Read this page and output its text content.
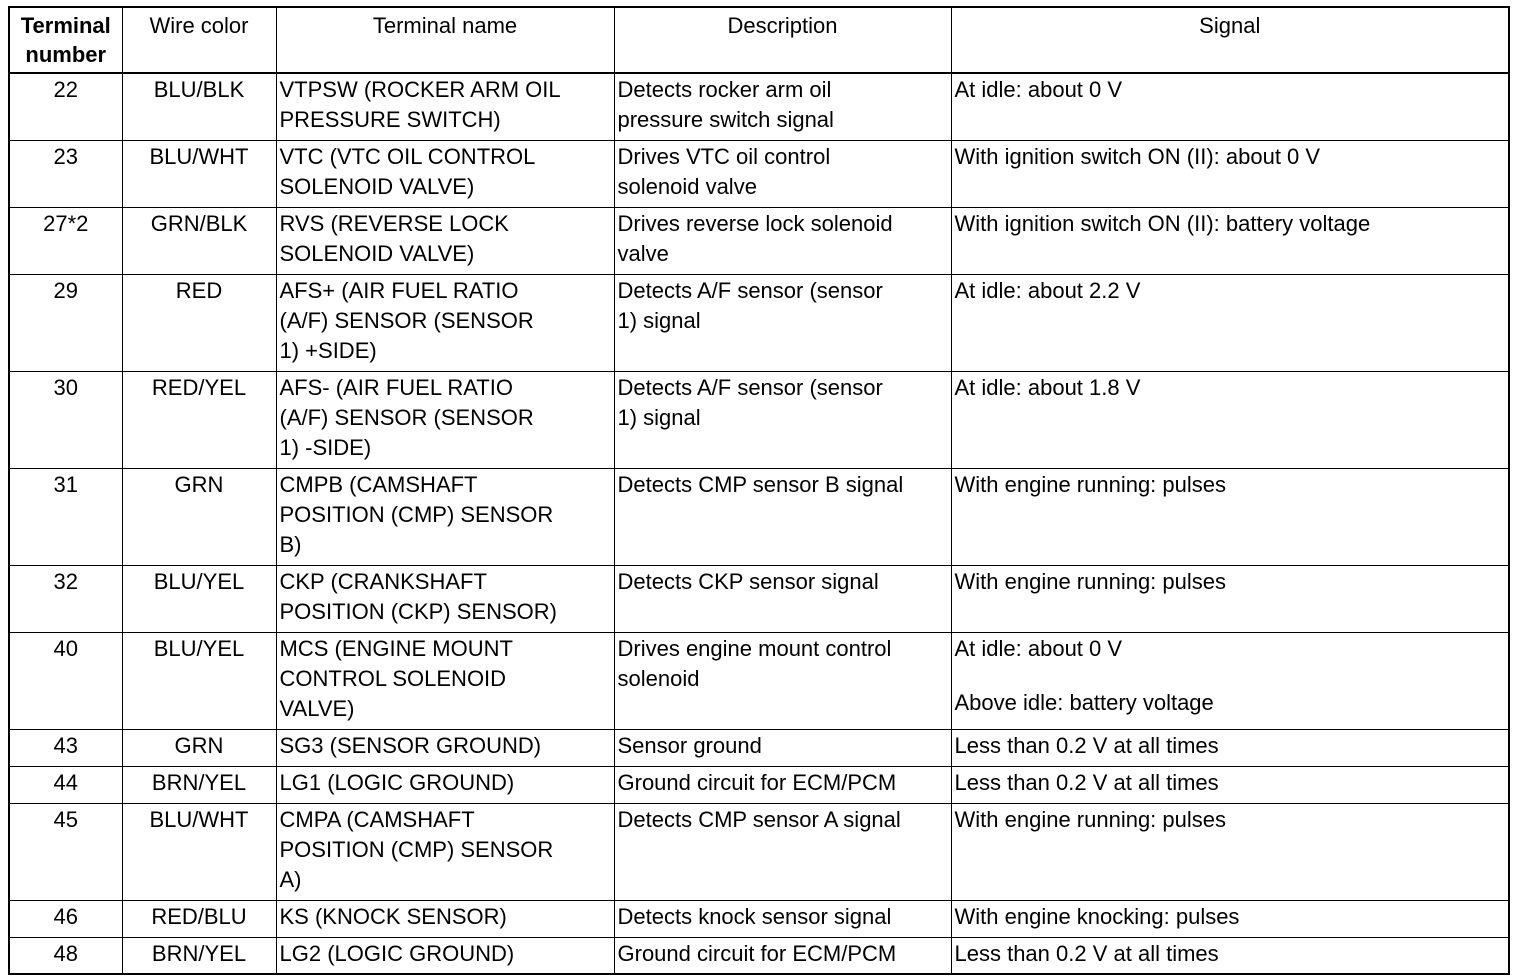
Terminal
number	Wire color	Terminal name	Description	Signal
22	BLU/BLK	VTPSW (ROCKER ARM OIL
PRESSURE SWITCH)	Detects rocker arm oil
pressure switch signal	At idle: about 0 V

23	BLU/WHT	VTC (VTC OIL CONTROL
SOLENOID VALVE)	Drives VTC oil control
solenoid valve	With ignition switch ON (II): about 0 V

27*2	GRN/BLK	RVS (REVERSE LOCK
SOLENOID VALVE)	Drives reverse lock solenoid
valve	With ignition switch ON (II): battery voltage

29	RED	AFS+ (AIR FUEL RATIO
(A/F) SENSOR (SENSOR
1) +SIDE)	Detects A/F sensor (sensor
1) signal	At idle: about 2.2 V

30	RED/YEL	AFS- (AIR FUEL RATIO
(A/F) SENSOR (SENSOR
1) -SIDE)	Detects A/F sensor (sensor
1) signal	At idle: about 1.8 V

31	GRN	CMPB (CAMSHAFT
POSITION (CMP) SENSOR
B)	Detects CMP sensor B signal	With engine running: pulses

32	BLU/YEL	CKP (CRANKSHAFT
POSITION (CKP) SENSOR)	Detects CKP sensor signal	With engine running: pulses

40	BLU/YEL	MCS (ENGINE MOUNT
CONTROL SOLENOID
VALVE)	Drives engine mount control
solenoid	At idle: about 0 V
Above idle: battery voltage

43	GRN	SG3 (SENSOR GROUND)	Sensor ground	Less than 0.2 V at all times

44	BRN/YEL	LG1 (LOGIC GROUND)	Ground circuit for ECM/PCM	Less than 0.2 V at all times

45	BLU/WHT	CMPA (CAMSHAFT
POSITION (CMP) SENSOR
A)	Detects CMP sensor A signal	With engine running: pulses

46	RED/BLU	KS (KNOCK SENSOR)	Detects knock sensor signal	With engine knocking: pulses

48	BRN/YEL	LG2 (LOGIC GROUND)	Ground circuit for ECM/PCM	Less than 0.2 V at all times
